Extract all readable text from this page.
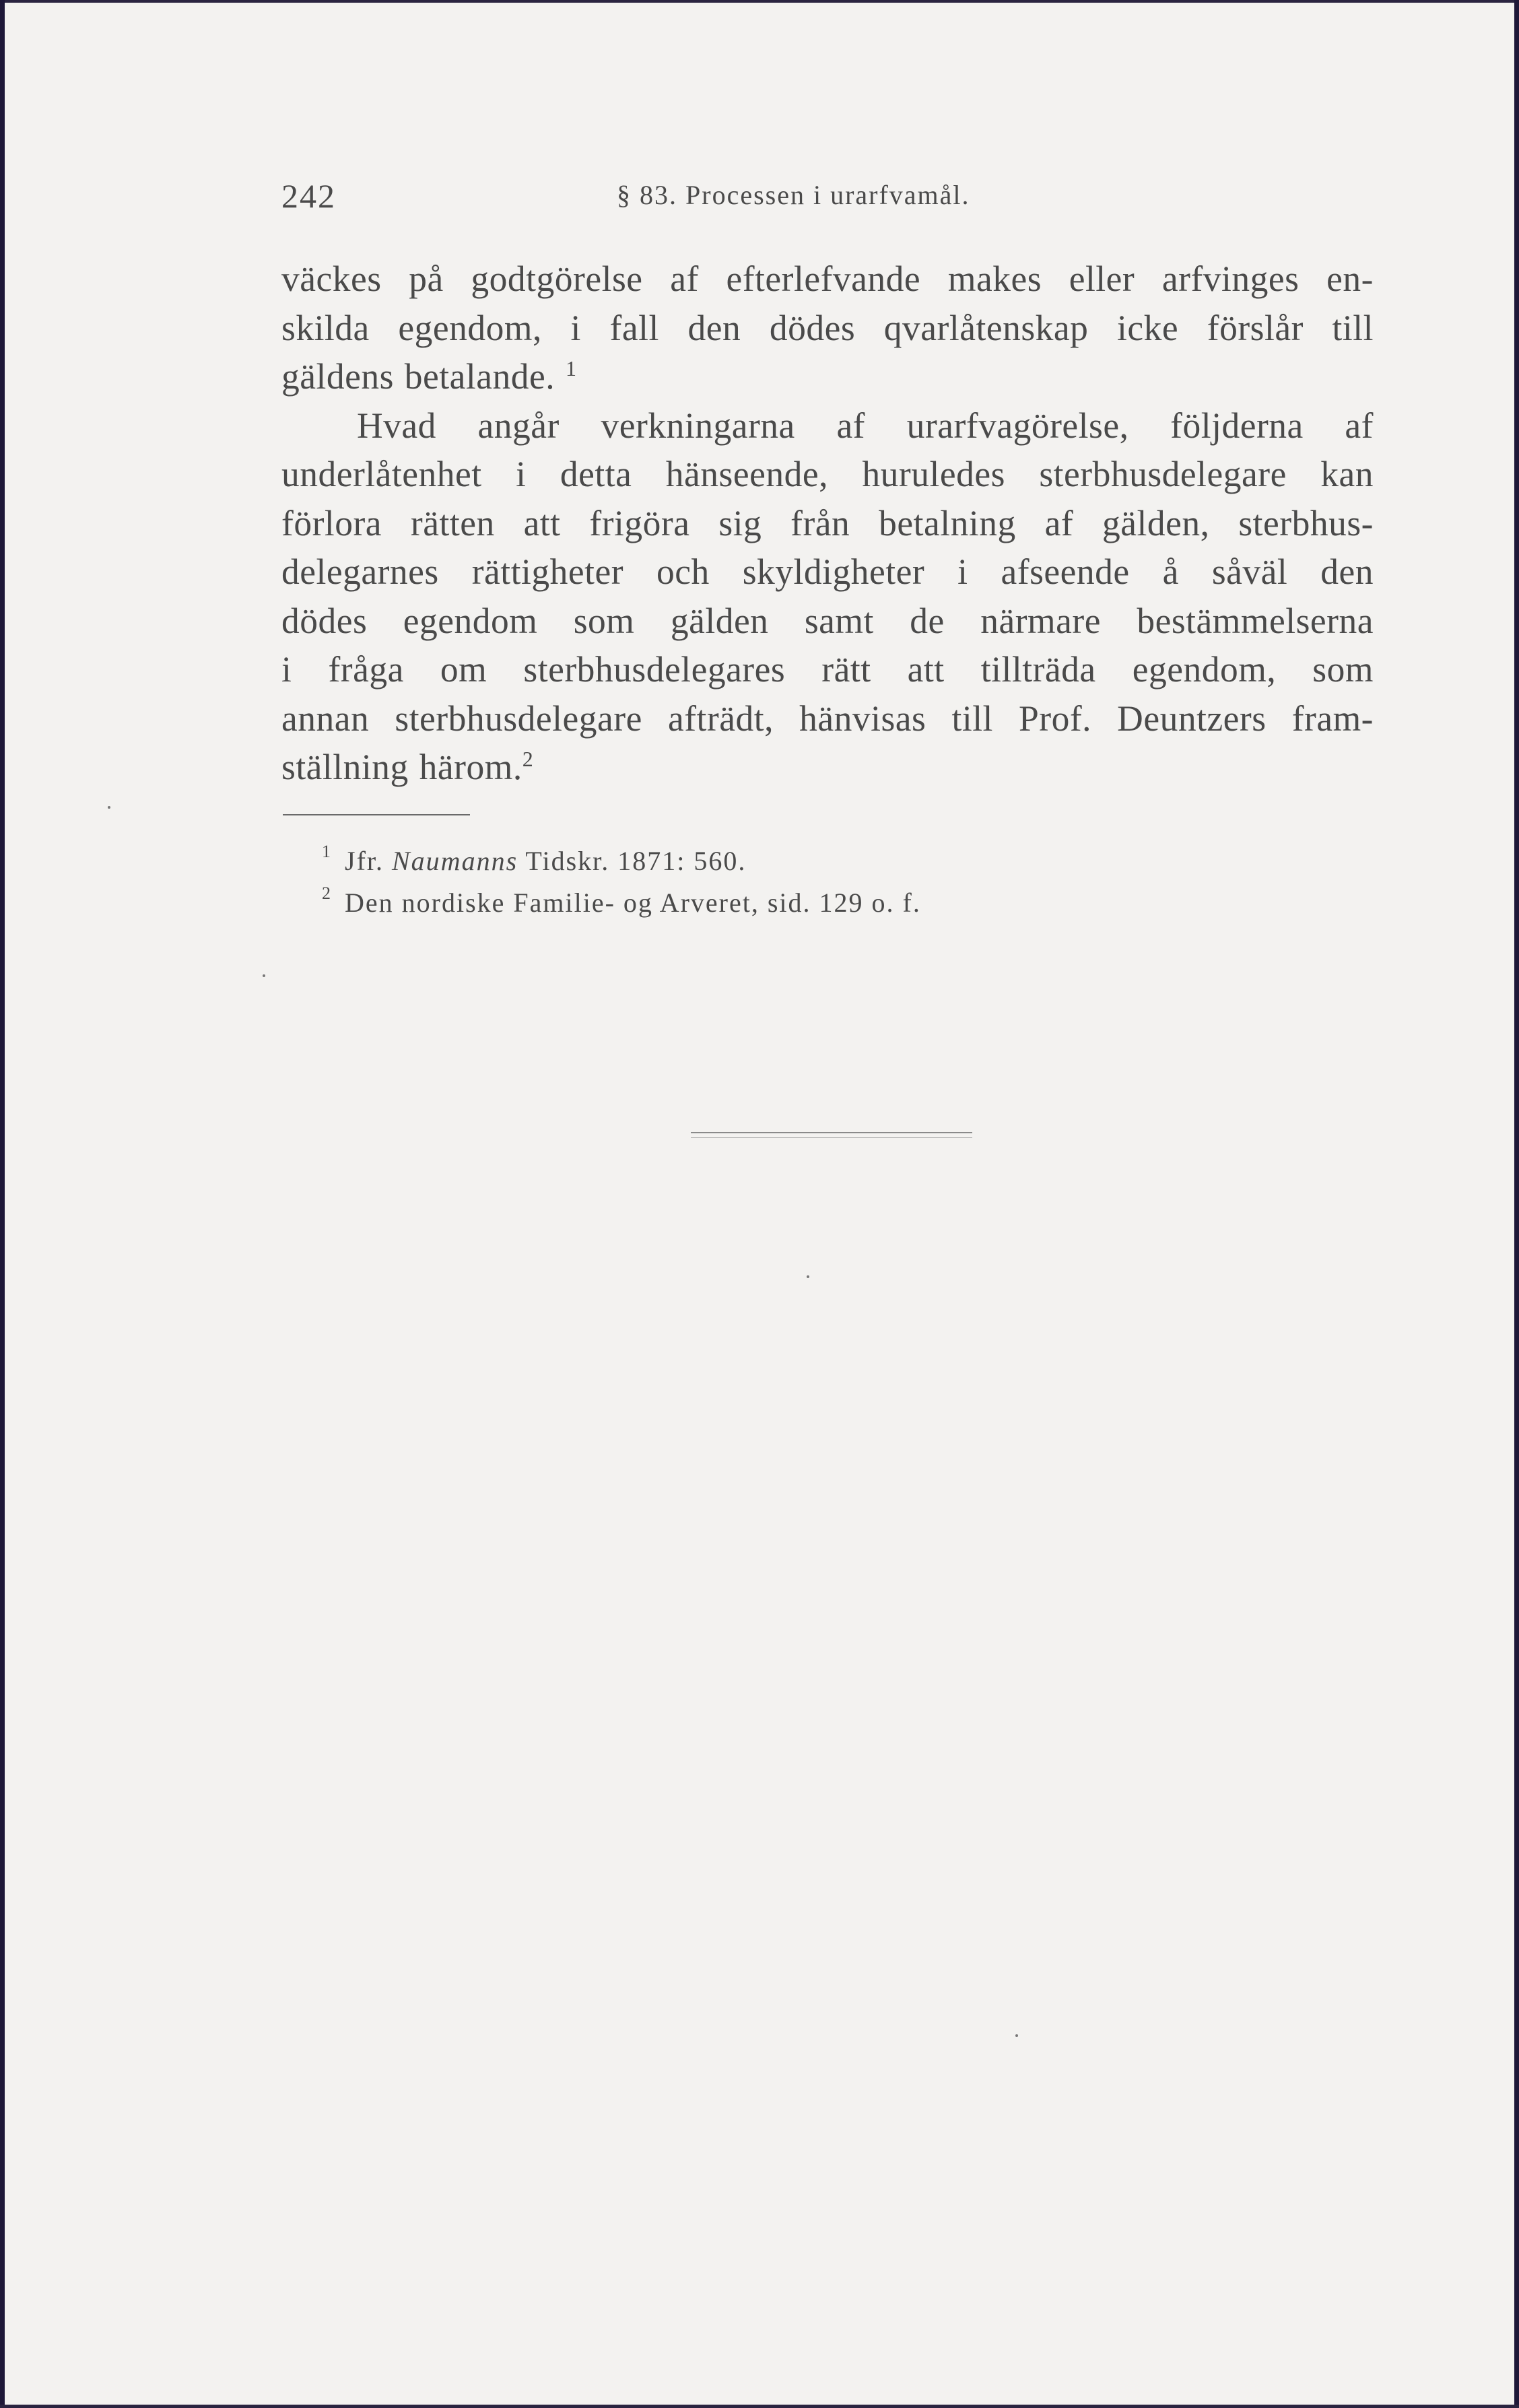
242	§ 83. Processen i urarfvamål.
väckes på godtgörelse af efterlefvande makes eller arfvinges en-
skilda egendom, i fall den dödes qvarlåtenskap icke förslår till
gäldens betalande. $^1$
Hvad angår verkningarna af urarfvagörelse, följderna af
underlåtenhet i detta hänseende, huruledes sterbhusdelegare kan
förlora rätten att frigöra sig från betalning af gälden, sterbhus-
delegarnes rättigheter och skyldigheter i afseende å såväl den
dödes egendom som gälden samt de närmare bestämmelserna
i fråga om sterbhusdelegares rätt att tillträda egendom, som
annan sterbhusdelegare afträdt, hänvisas till Prof. Deuntzers fram-
ställning härom.$^2$
1 Jfr. Naumanns Tidskr. 1871: 560.
2 Den nordiske Familie- og Arveret, sid. 129 o. f.
